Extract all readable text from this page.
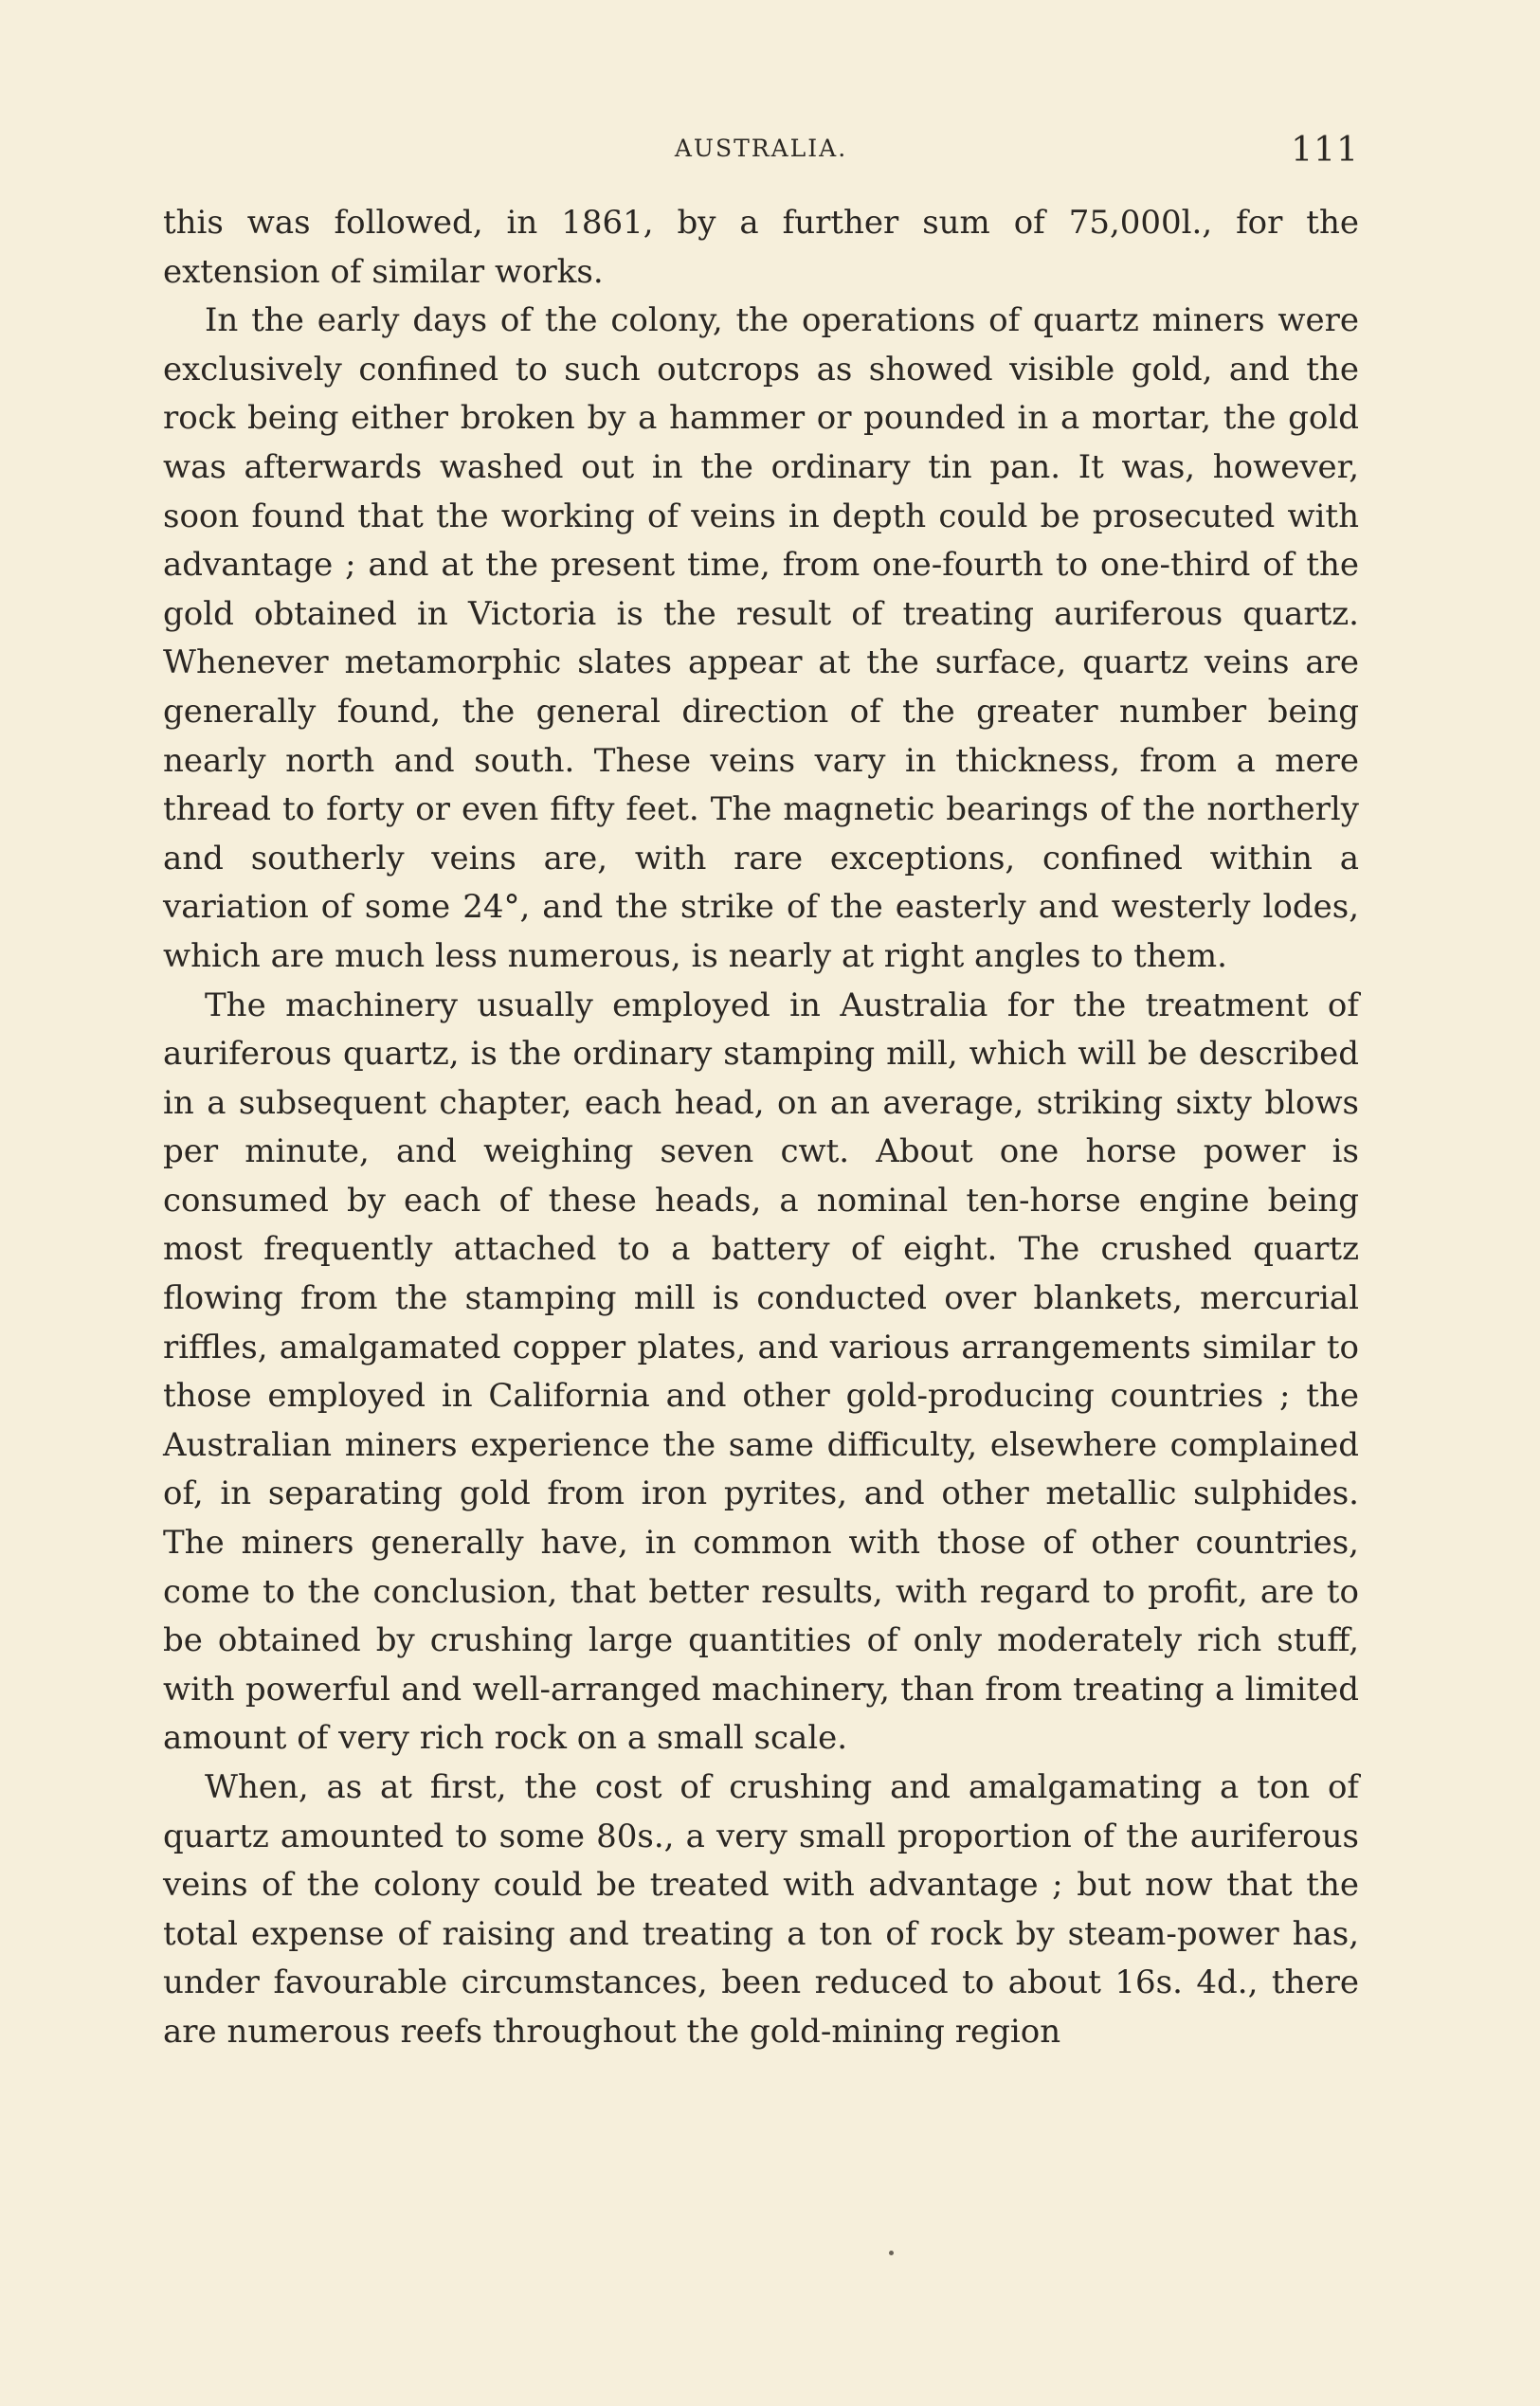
AUSTRALIA.	111

this was followed, in 1861, by a further sum of 75,000l., for the extension of similar works.

In the early days of the colony, the operations of quartz miners were exclusively confined to such outcrops as showed visible gold, and the rock being either broken by a hammer or pounded in a mortar, the gold was afterwards washed out in the ordinary tin pan. It was, however, soon found that the working of veins in depth could be prosecuted with advantage ; and at the present time, from one-fourth to one-third of the gold obtained in Victoria is the result of treating auriferous quartz. Whenever metamorphic slates appear at the surface, quartz veins are generally found, the general direction of the greater number being nearly north and south. These veins vary in thickness, from a mere thread to forty or even fifty feet. The magnetic bearings of the northerly and southerly veins are, with rare exceptions, confined within a variation of some 24°, and the strike of the easterly and westerly lodes, which are much less numerous, is nearly at right angles to them.

The machinery usually employed in Australia for the treatment of auriferous quartz, is the ordinary stamping mill, which will be described in a subsequent chapter, each head, on an average, striking sixty blows per minute, and weighing seven cwt. About one horse power is consumed by each of these heads, a nominal ten-horse engine being most frequently attached to a battery of eight. The crushed quartz flowing from the stamping mill is conducted over blankets, mercurial riffles, amalgamated copper plates, and various arrangements similar to those employed in California and other gold-producing countries ; the Australian miners experience the same difficulty, elsewhere complained of, in separating gold from iron pyrites, and other metallic sulphides. The miners generally have, in common with those of other countries, come to the conclusion, that better results, with regard to profit, are to be obtained by crushing large quantities of only moderately rich stuff, with powerful and well-arranged machinery, than from treating a limited amount of very rich rock on a small scale.

When, as at first, the cost of crushing and amalgamating a ton of quartz amounted to some 80s., a very small proportion of the auriferous veins of the colony could be treated with advantage ; but now that the total expense of raising and treating a ton of rock by steam-power has, under favourable circumstances, been reduced to about 16s. 4d., there are numerous reefs throughout the gold-mining region
